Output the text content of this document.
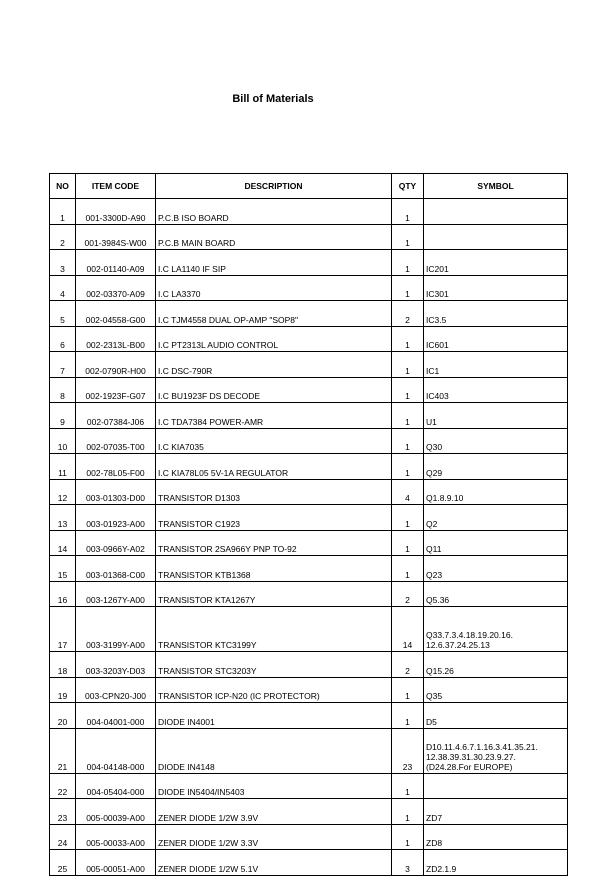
Bill of Materials
NO	ITEM CODE	DESCRIPTION	QTY	SYMBOL
1	001-3300D-A90	P.C.B ISO BOARD	1	
2	001-3984S-W00	P.C.B MAIN BOARD	1	
3	002-01140-A09	I.C LA1140 IF SIP	1	IC201

4	002-03370-A09	I.C LA3370	1	IC301

5	002-04558-G00	I.C TJM4558 DUAL OP-AMP "SOP8"	2	IC3.5

6	002-2313L-B00	I.C PT2313L AUDIO CONTROL	1	IC601

7	002-0790R-H00	I.C DSC-790R	1	IC1

8	002-1923F-G07	I.C BU1923F DS DECODE	1	IC403

9	002-07384-J06	I.C TDA7384 POWER-AMR	1	U1

10	002-07035-T00	I.C KIA7035	1	Q30

11	002-78L05-F00	I.C KIA78L05 5V-1A REGULATOR	1	Q29

12	003-01303-D00	TRANSISTOR D1303	4	Q1.8.9.10

13	003-01923-A00	TRANSISTOR C1923	1	Q2

14	003-0966Y-A02	TRANSISTOR 2SA966Y PNP TO-92	1	Q11

15	003-01368-C00	TRANSISTOR KTB1368	1	Q23

16	003-1267Y-A00	TRANSISTOR KTA1267Y	2	Q5.36

17	003-3199Y-A00	TRANSISTOR KTC3199Y	14	Q33.7.3.4.18.19.20.16.
12.6.37.24.25.13

18	003-3203Y-D03	TRANSISTOR STC3203Y	2	Q15.26

19	003-CPN20-J00	TRANSISTOR ICP-N20 (IC PROTECTOR)	1	Q35

20	004-04001-000	DIODE IN4001	1	D5

21	004-04148-000	DIODE IN4148	23	D10.11.4.6.7.1.16.3.41.35.21.
12.38.39.31.30.23.9.27.
(D24.28.For EUROPE)

22	004-05404-000	DIODE IN5404/IN5403	1	
23	005-00039-A00	ZENER DIODE 1/2W 3.9V	1	ZD7

24	005-00033-A00	ZENER DIODE 1/2W 3.3V	1	ZD8

25	005-00051-A00	ZENER DIODE 1/2W 5.1V	3	ZD2.1.9
